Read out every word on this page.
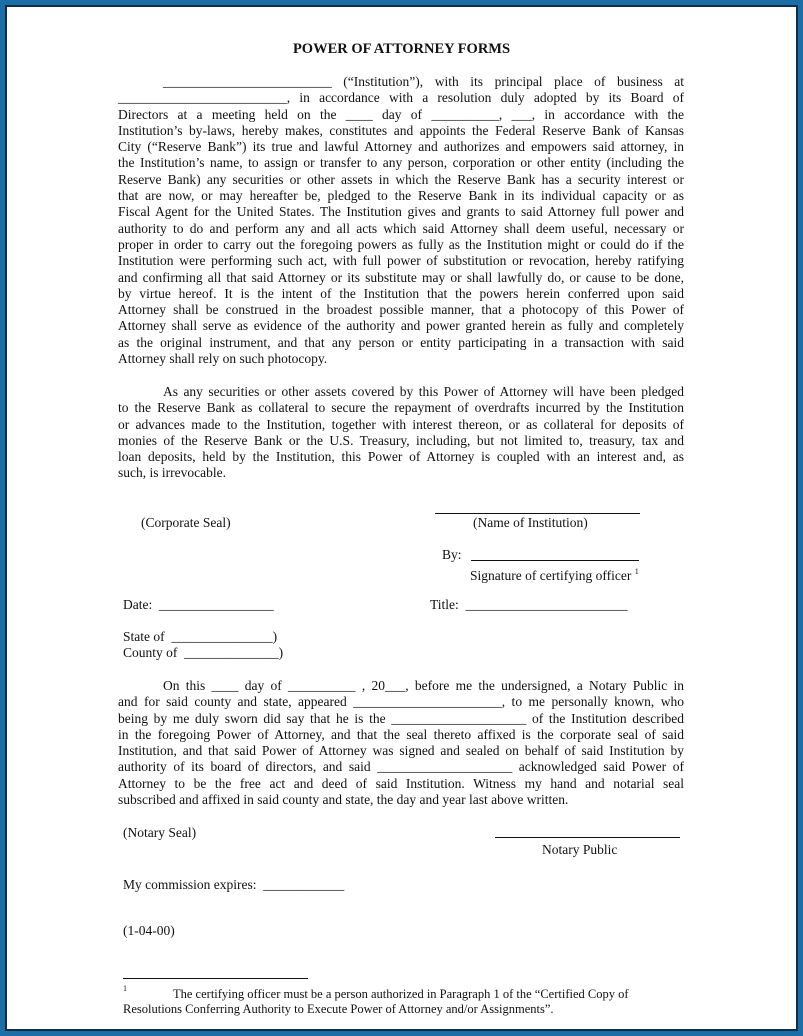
POWER OF ATTORNEY FORMS
_________________________ (“Institution”), with its principal place of business at
_________________________, in accordance with a resolution duly adopted by its Board of
Directors at a meeting held on the ____ day of __________, ___, in accordance with the
Institution’s by-laws, hereby makes, constitutes and appoints the Federal Reserve Bank of Kansas
City (“Reserve Bank”) its true and lawful Attorney and authorizes and empowers said attorney, in
the Institution’s name, to assign or transfer to any person, corporation or other entity (including the
Reserve Bank) any securities or other assets in which the Reserve Bank has a security interest or
that are now, or may hereafter be, pledged to the Reserve Bank in its individual capacity or as
Fiscal Agent for the United States. The Institution gives and grants to said Attorney full power and
authority to do and perform any and all acts which said Attorney shall deem useful, necessary or
proper in order to carry out the foregoing powers as fully as the Institution might or could do if the
Institution were performing such act, with full power of substitution or revocation, hereby ratifying
and confirming all that said Attorney or its substitute may or shall lawfully do, or cause to be done,
by virtue hereof. It is the intent of the Institution that the powers herein conferred upon said
Attorney shall be construed in the broadest possible manner, that a photocopy of this Power of
Attorney shall serve as evidence of the authority and power granted herein as fully and completely
as the original instrument, and that any person or entity participating in a transaction with said
Attorney shall rely on such photocopy.
As any securities or other assets covered by this Power of Attorney will have been pledged
to the Reserve Bank as collateral to secure the repayment of overdrafts incurred by the Institution
or advances made to the Institution, together with interest thereon, or as collateral for deposits of
monies of the Reserve Bank or the U.S. Treasury, including, but not limited to, treasury, tax and
loan deposits, held by the Institution, this Power of Attorney is coupled with an interest and, as
such, is irrevocable.
(Corporate Seal)	(Name of Institution)
By:
Signature of certifying officer $^1$
Date: _________________	Title: ________________________
State of  _______________)
County of  ______________)
On this ____ day of __________ , 20___, before me the undersigned, a Notary Public in
and for said county and state, appeared ______________________, to me personally known, who
being by me duly sworn did say that he is the ____________________ of the Institution described
in the foregoing Power of Attorney, and that the seal thereto affixed is the corporate seal of said
Institution, and that said Power of Attorney was signed and sealed on behalf of said Institution by
authority of its board of directors, and said ____________________ acknowledged said Power of
Attorney to be the free act and deed of said Institution. Witness my hand and notarial seal
subscribed and affixed in said county and state, the day and year last above written.
(Notary Seal)
Notary Public
My commission expires:  ____________
(1-04-00)
1	The certifying officer must be a person authorized in Paragraph 1 of the “Certified Copy of
Resolutions Conferring Authority to Execute Power of Attorney and/or Assignments”.
